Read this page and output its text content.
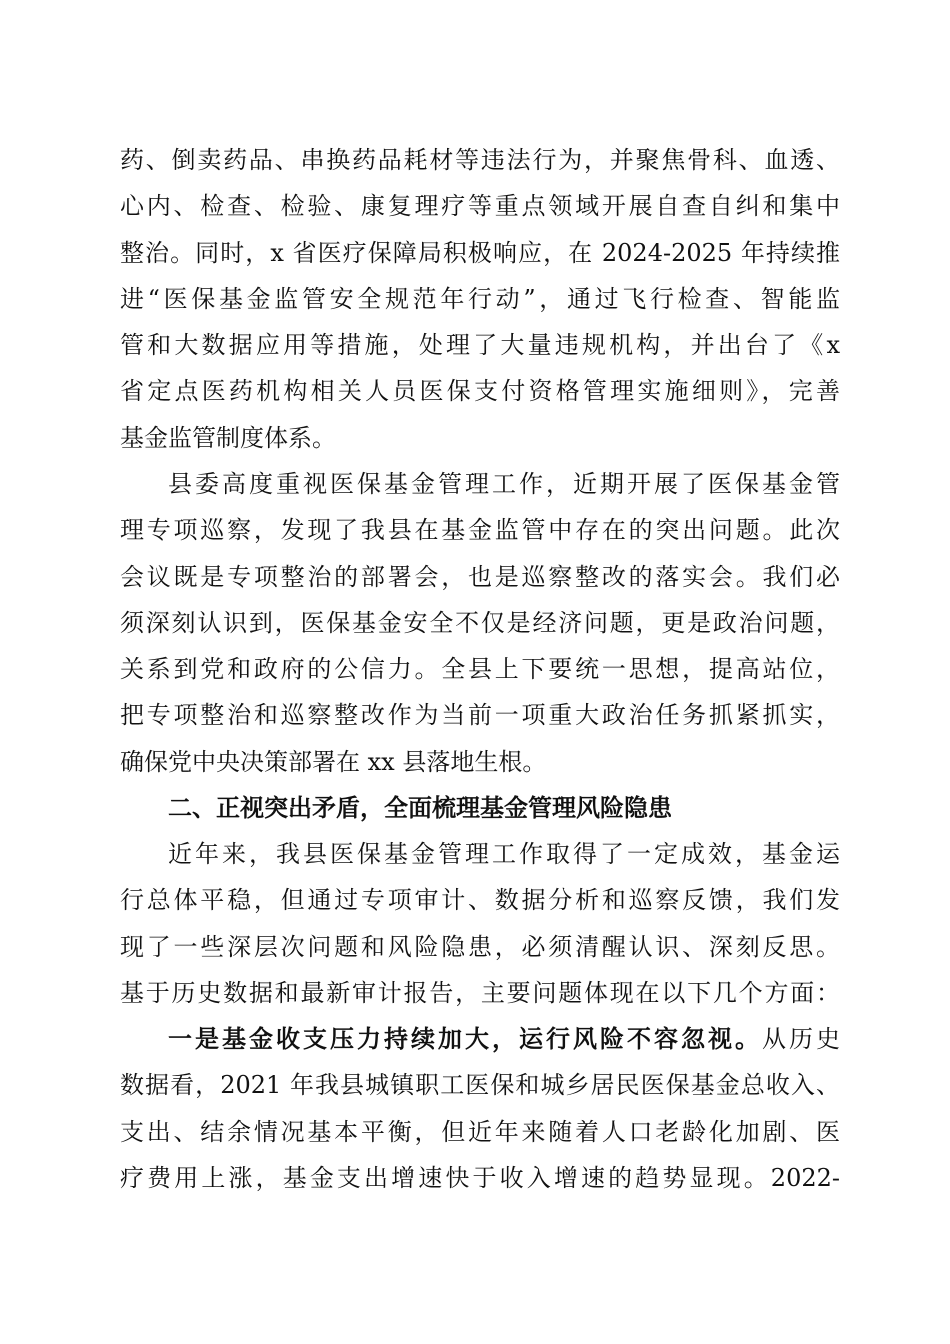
药、倒卖药品、串换药品耗材等违法行为，并聚焦骨科、血透、
心内、检查、检验、康复理疗等重点领域开展自查自纠和集中
整治。同时，x 省医疗保障局积极响应，在 2024-2025 年持续推
进“医保基金监管安全规范年行动”，通过飞行检查、智能监
管和大数据应用等措施，处理了大量违规机构，并出台了《x
省定点医药机构相关人员医保支付资格管理实施细则》，完善
基金监管制度体系。
县委高度重视医保基金管理工作，近期开展了医保基金管
理专项巡察，发现了我县在基金监管中存在的突出问题。此次
会议既是专项整治的部署会，也是巡察整改的落实会。我们必
须深刻认识到，医保基金安全不仅是经济问题，更是政治问题，
关系到党和政府的公信力。全县上下要统一思想，提高站位，
把专项整治和巡察整改作为当前一项重大政治任务抓紧抓实，
确保党中央决策部署在 xx 县落地生根。
二、正视突出矛盾，全面梳理基金管理风险隐患
近年来，我县医保基金管理工作取得了一定成效，基金运
行总体平稳，但通过专项审计、数据分析和巡察反馈，我们发
现了一些深层次问题和风险隐患，必须清醒认识、深刻反思。
基于历史数据和最新审计报告，主要问题体现在以下几个方面：
一是基金收支压力持续加大，运行风险不容忽视。从历史
数据看，2021 年我县城镇职工医保和城乡居民医保基金总收入、
支出、结余情况基本平衡，但近年来随着人口老龄化加剧、医
疗费用上涨，基金支出增速快于收入增速的趋势显现。2022-
